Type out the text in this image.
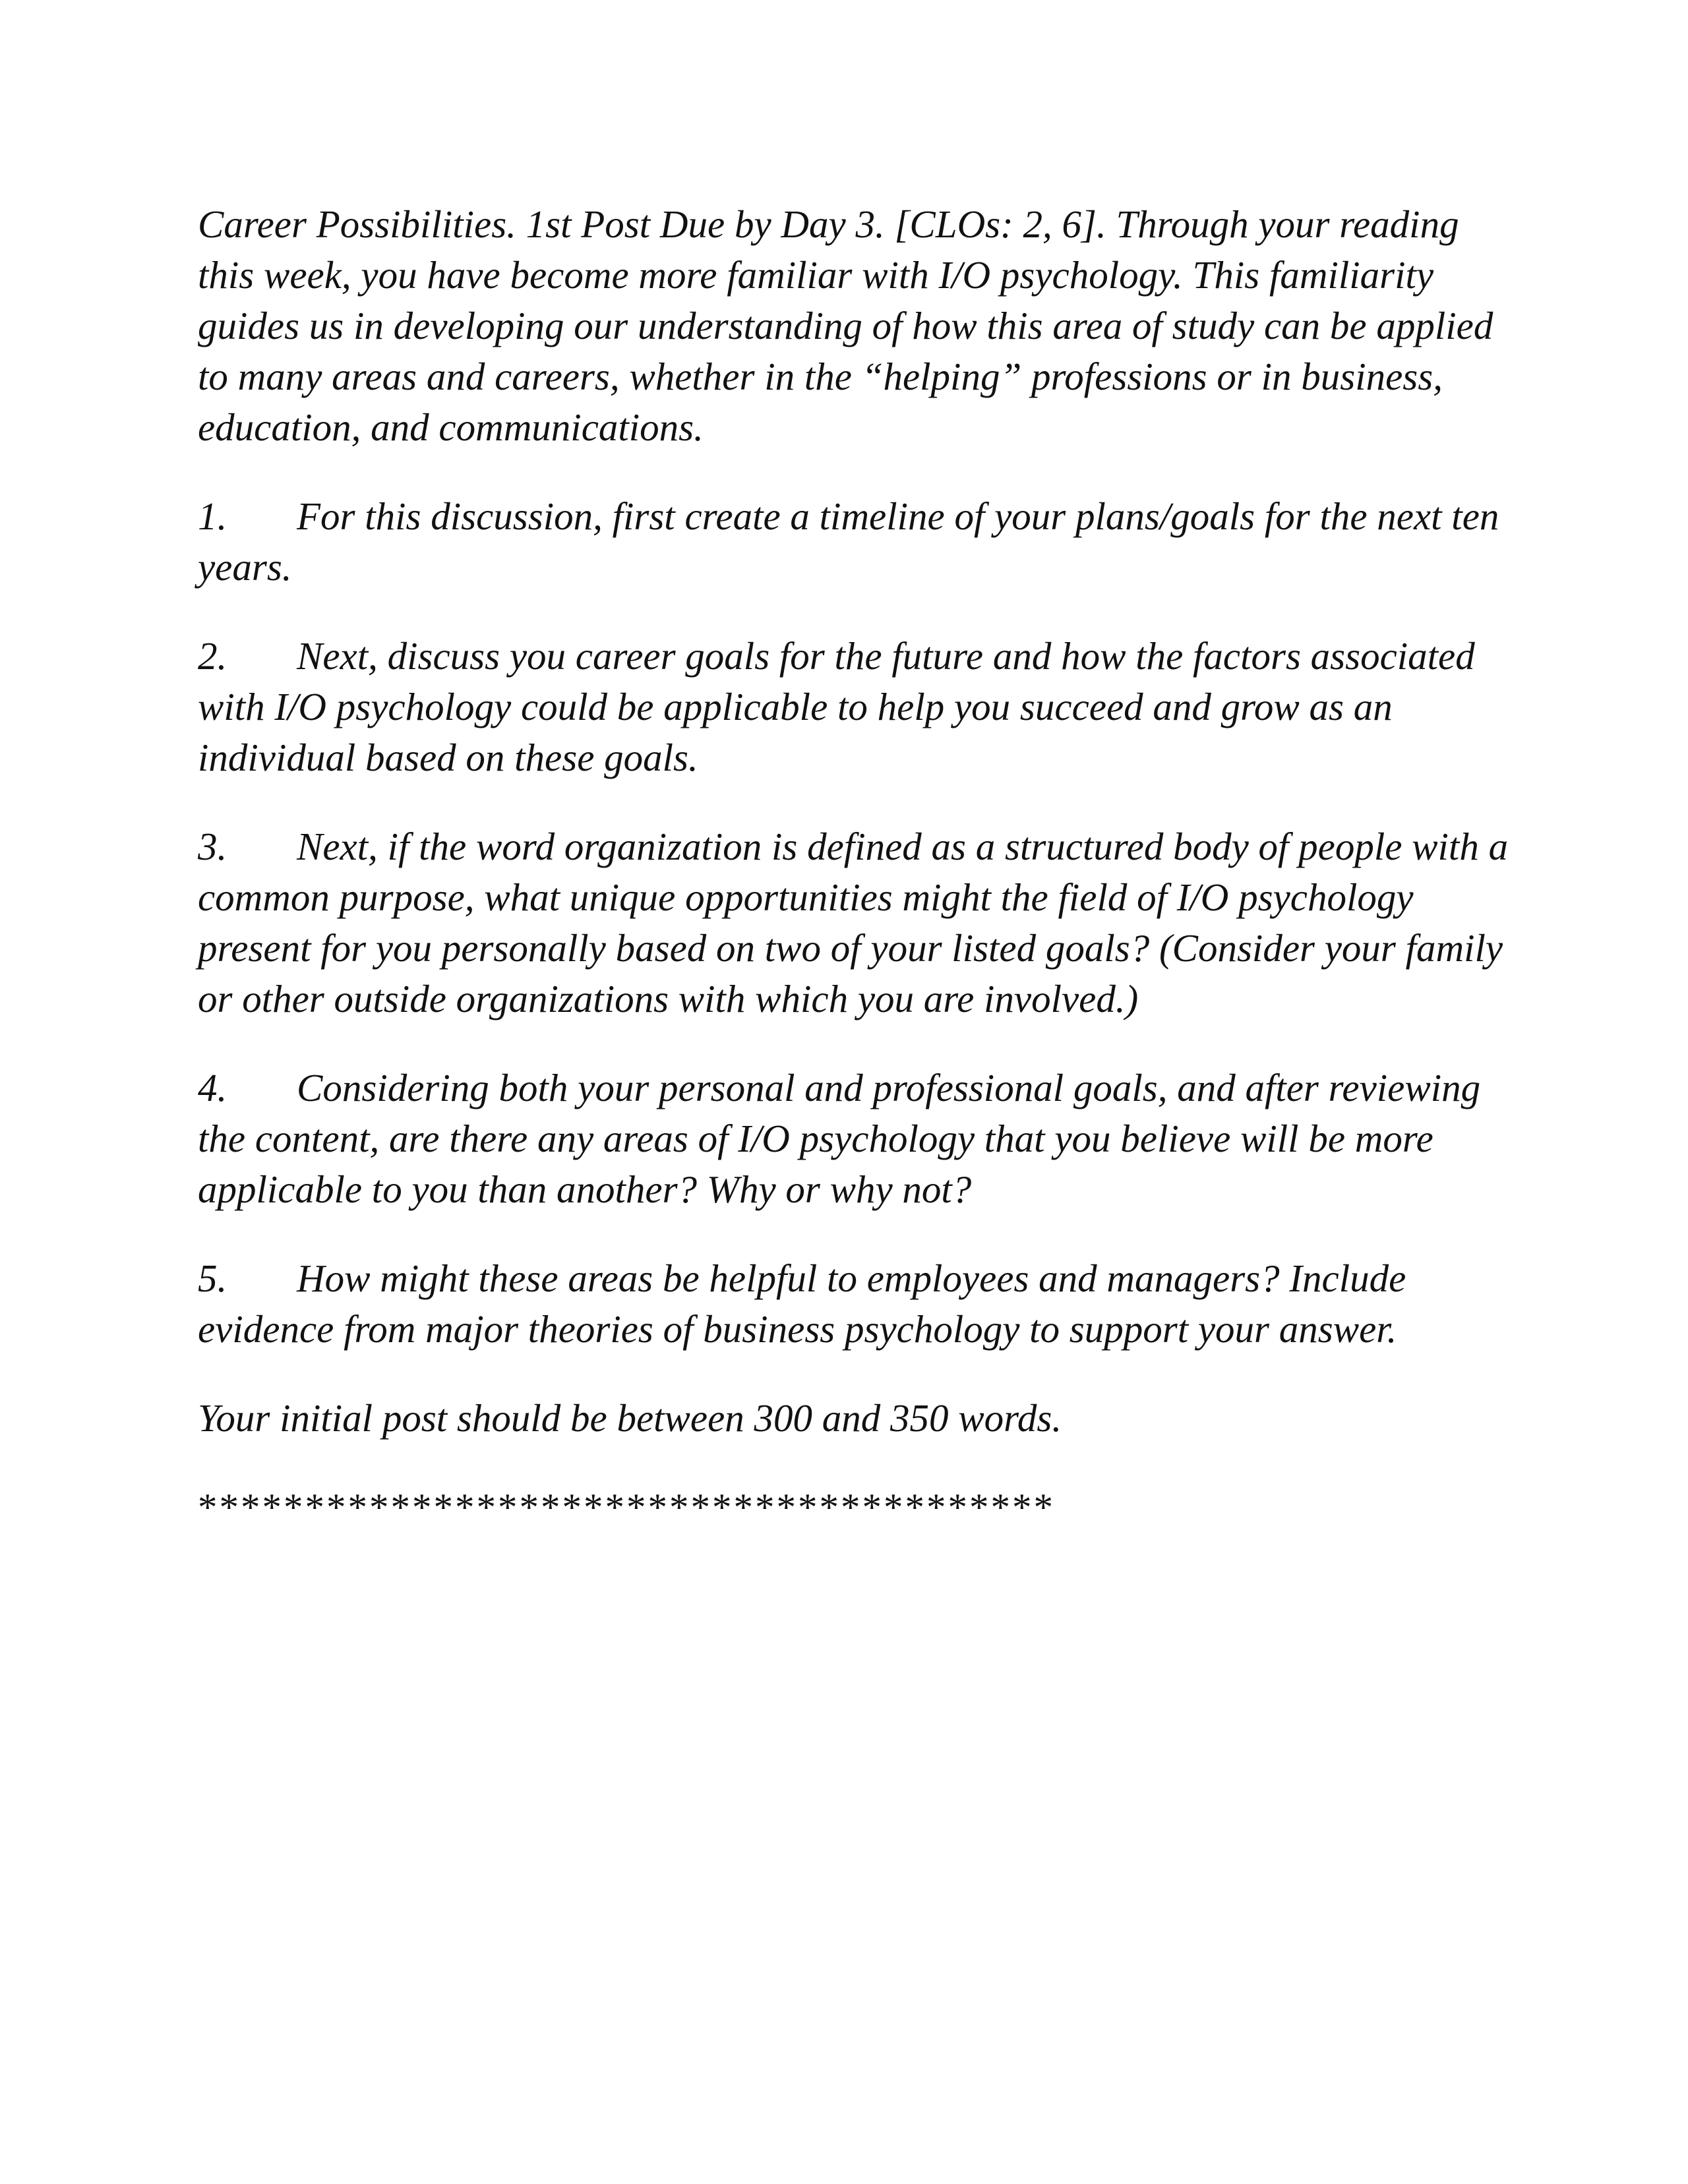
Career Possibilities. 1st Post Due by Day 3. [CLOs: 2, 6]. Through your reading this week, you have become more familiar with I/O psychology. This familiarity guides us in developing our understanding of how this area of study can be applied to many areas and careers, whether in the “helping” professions or in business, education, and communications.

1. For this discussion, first create a timeline of your plans/goals for the next ten years.

2. Next, discuss you career goals for the future and how the factors associated with I/O psychology could be applicable to help you succeed and grow as an individual based on these goals.

3. Next, if the word organization is defined as a structured body of people with a common purpose, what unique opportunities might the field of I/O psychology present for you personally based on two of your listed goals? (Consider your family or other outside organizations with which you are involved.)

4. Considering both your personal and professional goals, and after reviewing the content, are there any areas of I/O psychology that you believe will be more applicable to you than another? Why or why not?

5. How might these areas be helpful to employees and managers? Include evidence from major theories of business psychology to support your answer.

Your initial post should be between 300 and 350 words.

****************************************
